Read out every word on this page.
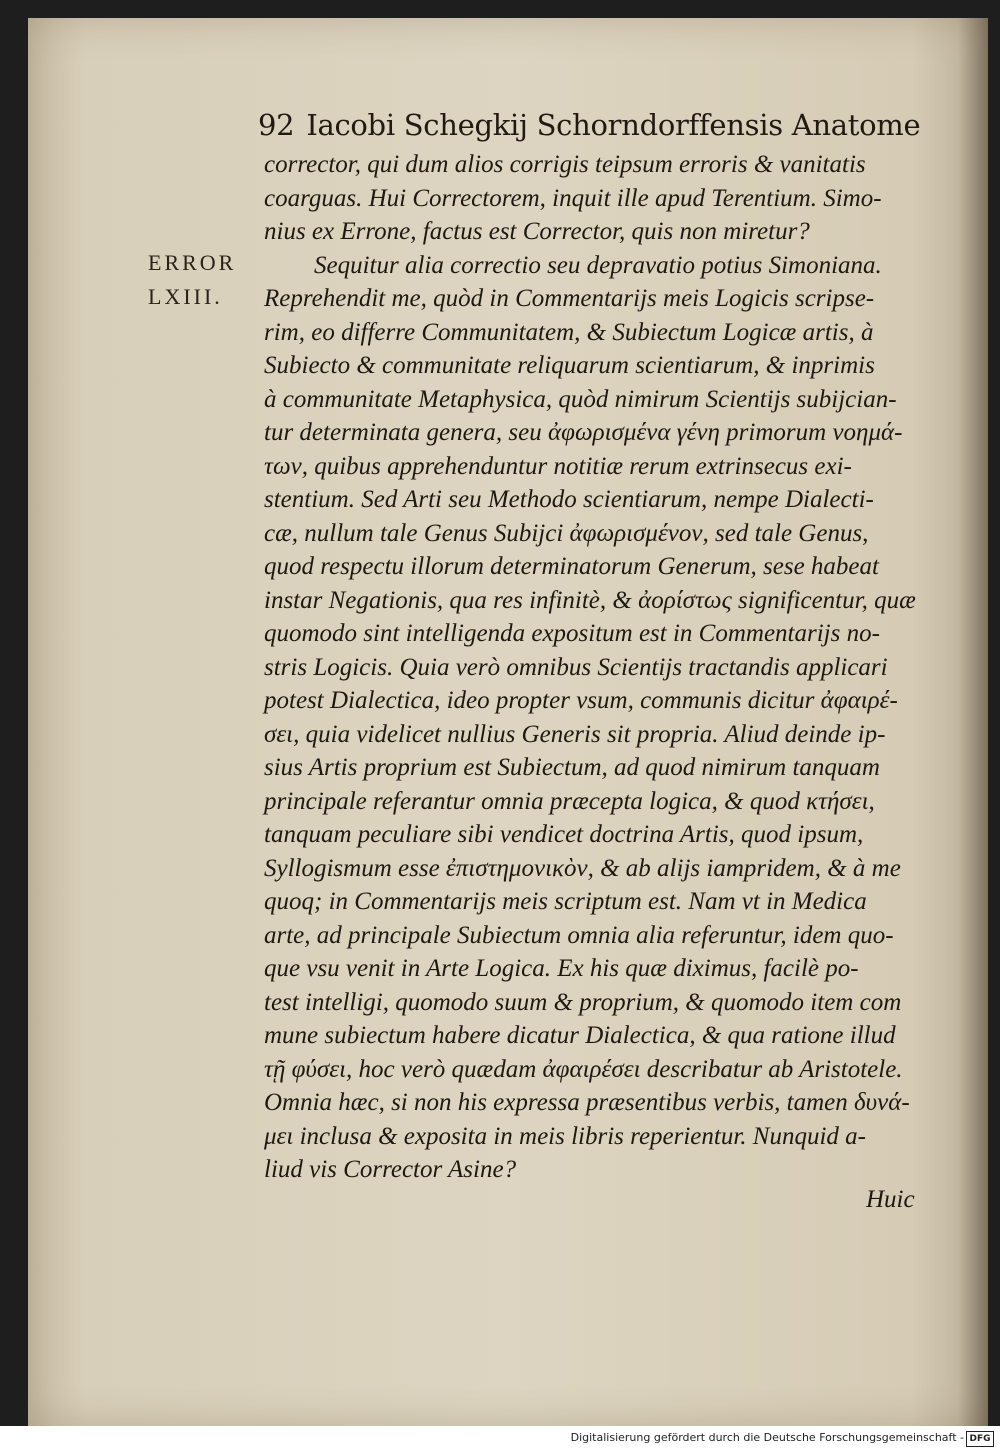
92 Iacobi Schegkij Schorndorffensis Anatome
ERROR
LXIII.
corrector, qui dum alios corrigis teipsum erroris & vanitatis
coarguas. Hui Correctorem, inquit ille apud Terentium. Simo-
nius ex Errone, factus est Corrector, quis non miretur?
Sequitur alia correctio seu depravatio potius Simoniana.
Reprehendit me, quòd in Commentarijs meis Logicis scripse-
rim, eo differre Communitatem, & Subiectum Logicæ artis, à
Subiecto & communitate reliquarum scientiarum, & inprimis
à communitate Metaphysica, quòd nimirum Scientijs subijcian-
tur determinata genera, seu ἀφωρισμένα γένη primorum νοημά-
των, quibus apprehenduntur notitiæ rerum extrinsecus exi-
stentium. Sed Arti seu Methodo scientiarum, nempe Dialecti-
cæ, nullum tale Genus Subijci ἀφωρισμένον, sed tale Genus,
quod respectu illorum determinatorum Generum, sese habeat
instar Negationis, qua res infinitè, & ἀορίστως significentur, quæ
quomodo sint intelligenda expositum est in Commentarijs no-
stris Logicis. Quia verò omnibus Scientijs tractandis applicari
potest Dialectica, ideo propter vsum, communis dicitur ἀφαιρέ-
σει, quia videlicet nullius Generis sit propria. Aliud deinde ip-
sius Artis proprium est Subiectum, ad quod nimirum tanquam
principale referantur omnia præcepta logica, & quod κτήσει,
tanquam peculiare sibi vendicet doctrina Artis, quod ipsum,
Syllogismum esse ἐπιστημονικὸν, & ab alijs iampridem, & à me
quoq; in Commentarijs meis scriptum est. Nam vt in Medica
arte, ad principale Subiectum omnia alia referuntur, idem quo-
que vsu venit in Arte Logica. Ex his quæ diximus, facilè po-
test intelligi, quomodo suum & proprium, & quomodo item com
mune subiectum habere dicatur Dialectica, & qua ratione illud
τῇ φύσει, hoc verò quædam ἀφαιρέσει describatur ab Aristotele.
Omnia hæc, si non his expressa præsentibus verbis, tamen δυνά-
μει inclusa & exposita in meis libris reperientur. Nunquid a-
liud vis Corrector Asine?
Huic
Digitalisierung gefördert durch die Deutsche Forschungsgemeinschaft - DFG
